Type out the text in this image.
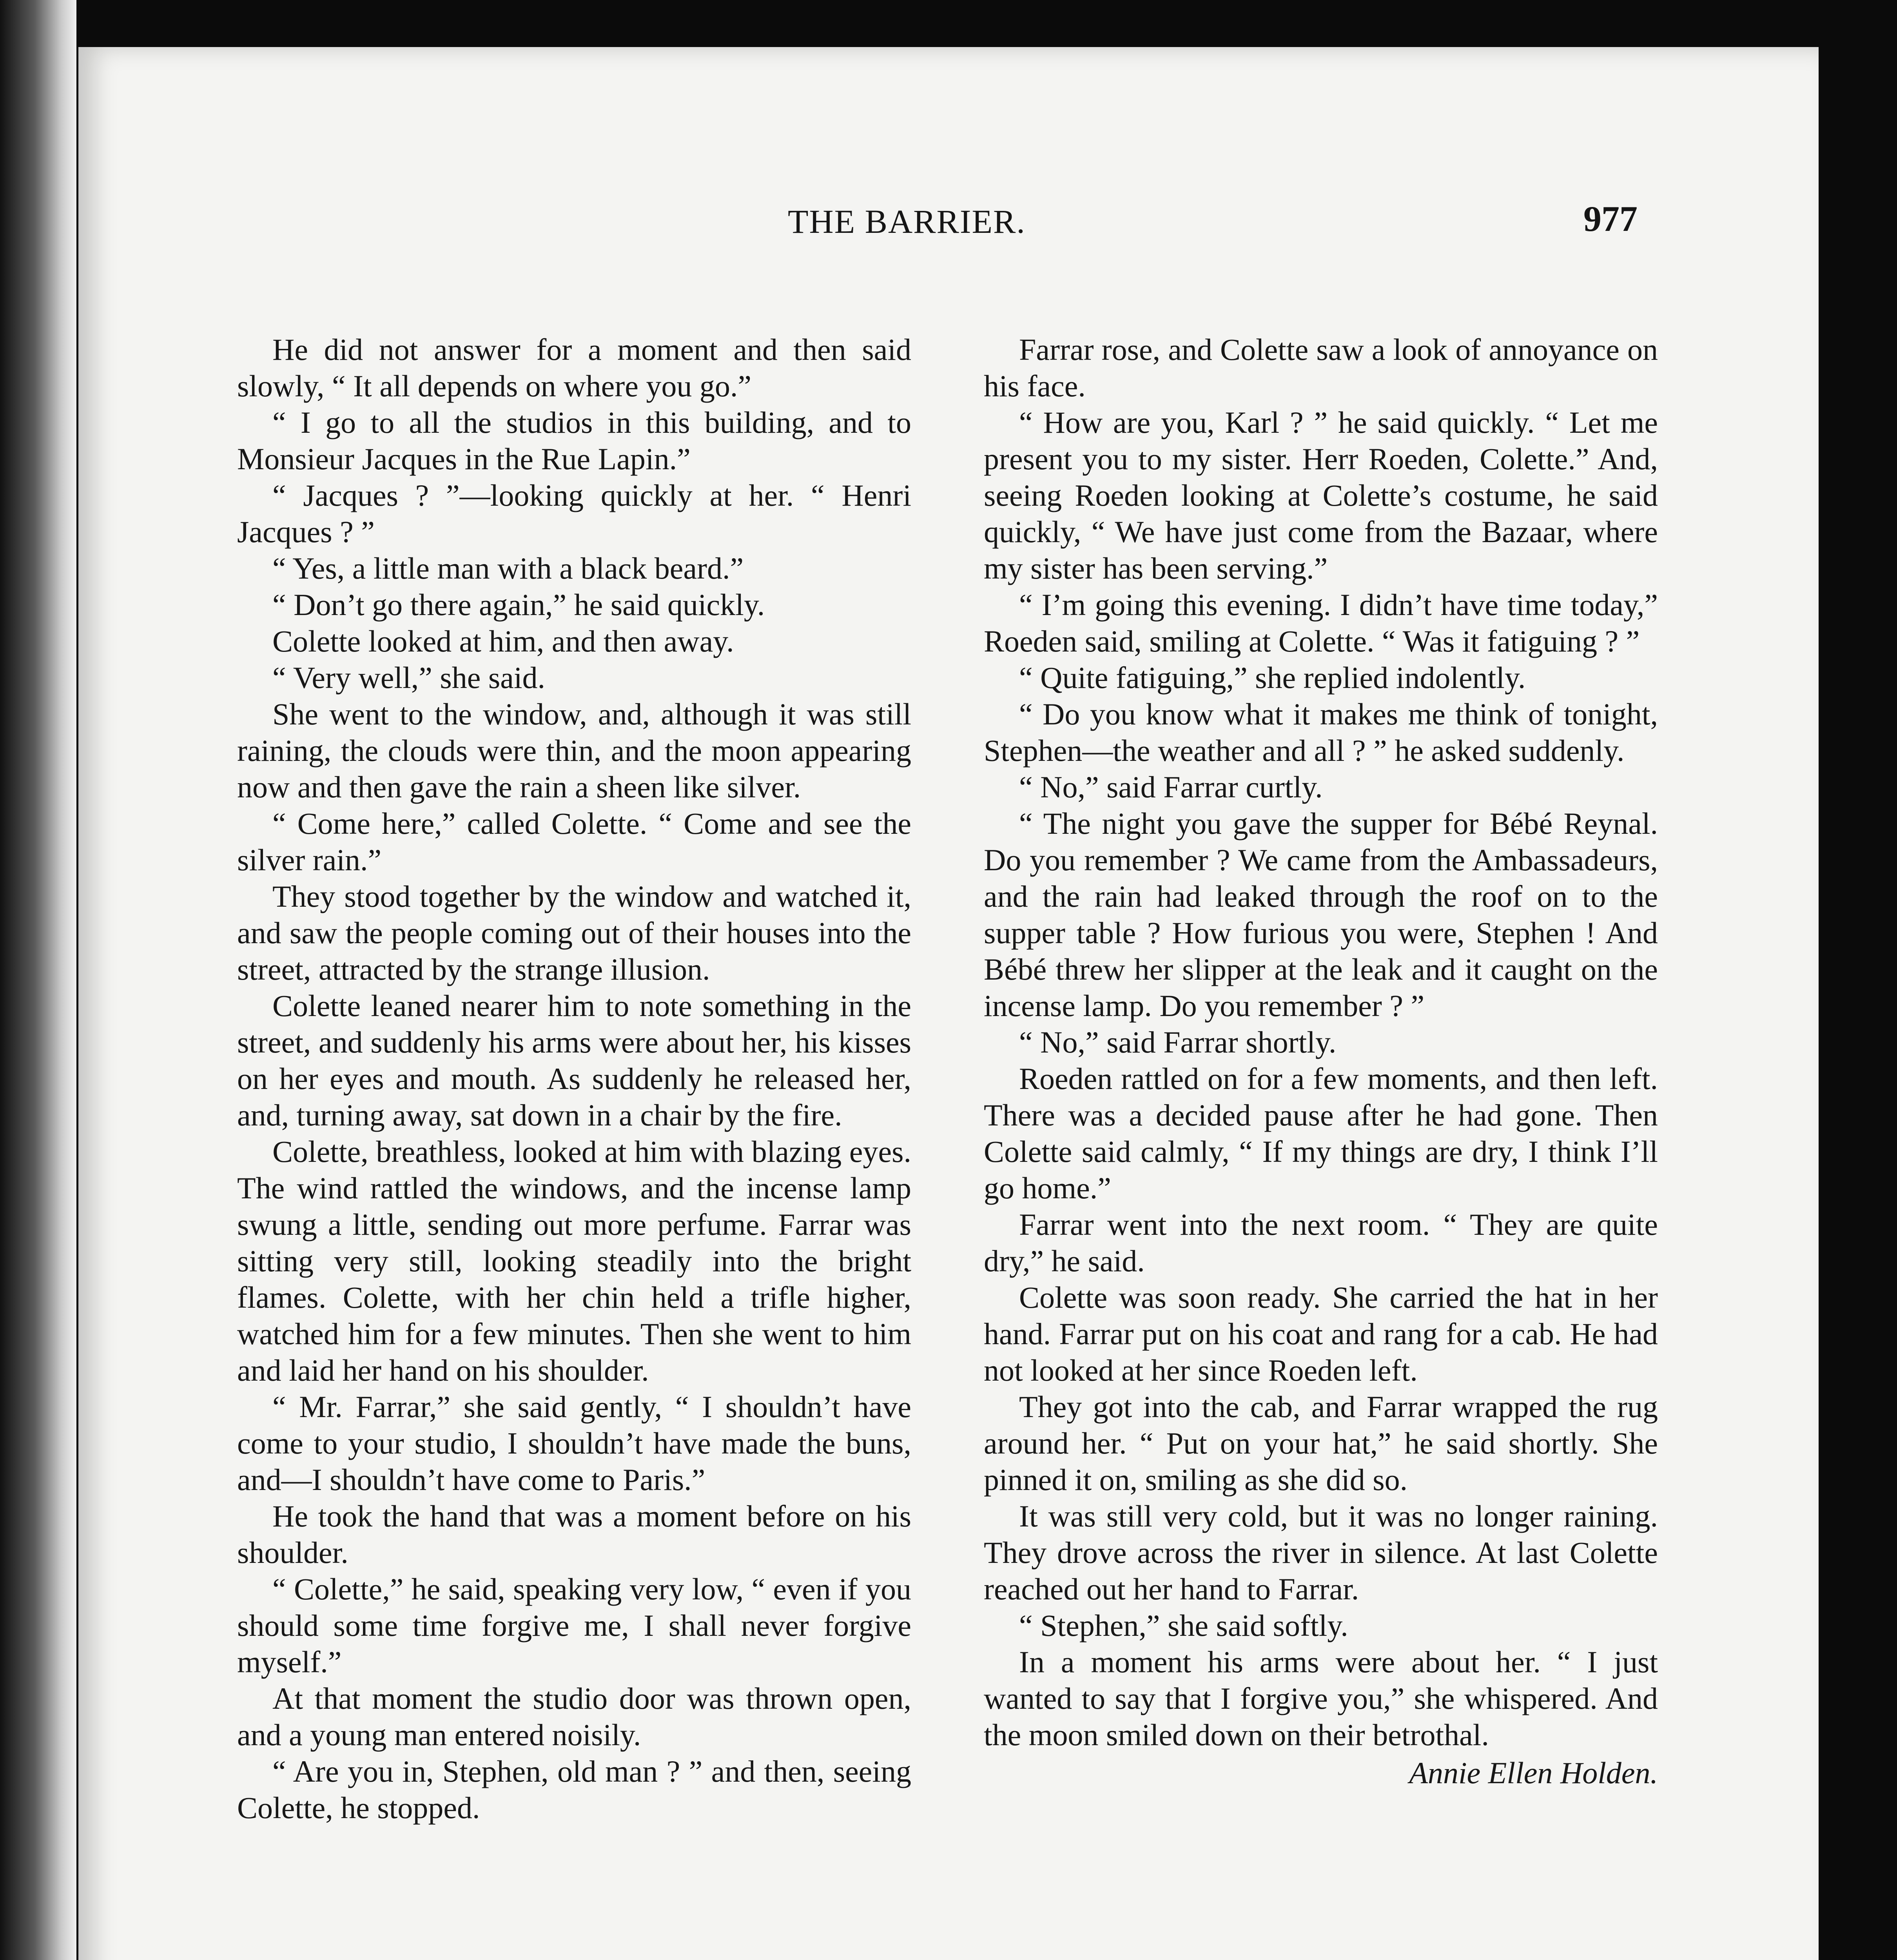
THE BARRIER.	977

He did not answer for a moment and then said slowly, “ It all depends on where you go.”

“ I go to all the studios in this building, and to Monsieur Jacques in the Rue Lapin.”

“ Jacques ? ”—looking quickly at her. “ Henri Jacques ? ”

“ Yes, a little man with a black beard.”

“ Don’t go there again,” he said quickly.

Colette looked at him, and then away.

“ Very well,” she said.

She went to the window, and, although it was still raining, the clouds were thin, and the moon appearing now and then gave the rain a sheen like silver.

“ Come here,” called Colette. “ Come and see the silver rain.”

They stood together by the window and watched it, and saw the people coming out of their houses into the street, attracted by the strange illusion.

Colette leaned nearer him to note something in the street, and suddenly his arms were about her, his kisses on her eyes and mouth. As suddenly he released her, and, turning away, sat down in a chair by the fire.

Colette, breathless, looked at him with blazing eyes. The wind rattled the windows, and the incense lamp swung a little, sending out more perfume. Farrar was sitting very still, looking steadily into the bright flames. Colette, with her chin held a trifle higher, watched him for a few minutes. Then she went to him and laid her hand on his shoulder.

“ Mr. Farrar,” she said gently, “ I shouldn’t have come to your studio, I shouldn’t have made the buns, and—I shouldn’t have come to Paris.”

He took the hand that was a moment before on his shoulder.

“ Colette,” he said, speaking very low, “ even if you should some time forgive me, I shall never forgive myself.”

At that moment the studio door was thrown open, and a young man entered noisily.

“ Are you in, Stephen, old man ? ” and then, seeing Colette, he stopped.

Farrar rose, and Colette saw a look of annoyance on his face.

“ How are you, Karl ? ” he said quickly. “ Let me present you to my sister. Herr Roeden, Colette.” And, seeing Roeden looking at Colette’s costume, he said quickly, “ We have just come from the Bazaar, where my sister has been serving.”

“ I’m going this evening. I didn’t have time today,” Roeden said, smiling at Colette. “ Was it fatiguing ? ”

“ Quite fatiguing,” she replied indolently.

“ Do you know what it makes me think of tonight, Stephen—the weather and all ? ” he asked suddenly.

“ No,” said Farrar curtly.

“ The night you gave the supper for Bébé Reynal. Do you remember ? We came from the Ambassadeurs, and the rain had leaked through the roof on to the supper table ? How furious you were, Stephen ! And Bébé threw her slipper at the leak and it caught on the incense lamp. Do you remember ? ”

“ No,” said Farrar shortly.

Roeden rattled on for a few moments, and then left. There was a decided pause after he had gone. Then Colette said calmly, “ If my things are dry, I think I’ll go home.”

Farrar went into the next room. “ They are quite dry,” he said.

Colette was soon ready. She carried the hat in her hand. Farrar put on his coat and rang for a cab. He had not looked at her since Roeden left.

They got into the cab, and Farrar wrapped the rug around her. “ Put on your hat,” he said shortly. She pinned it on, smiling as she did so.

It was still very cold, but it was no longer raining. They drove across the river in silence. At last Colette reached out her hand to Farrar.

“ Stephen,” she said softly.

In a moment his arms were about her. “ I just wanted to say that I forgive you,” she whispered. And the moon smiled down on their betrothal.

Annie Ellen Holden.
